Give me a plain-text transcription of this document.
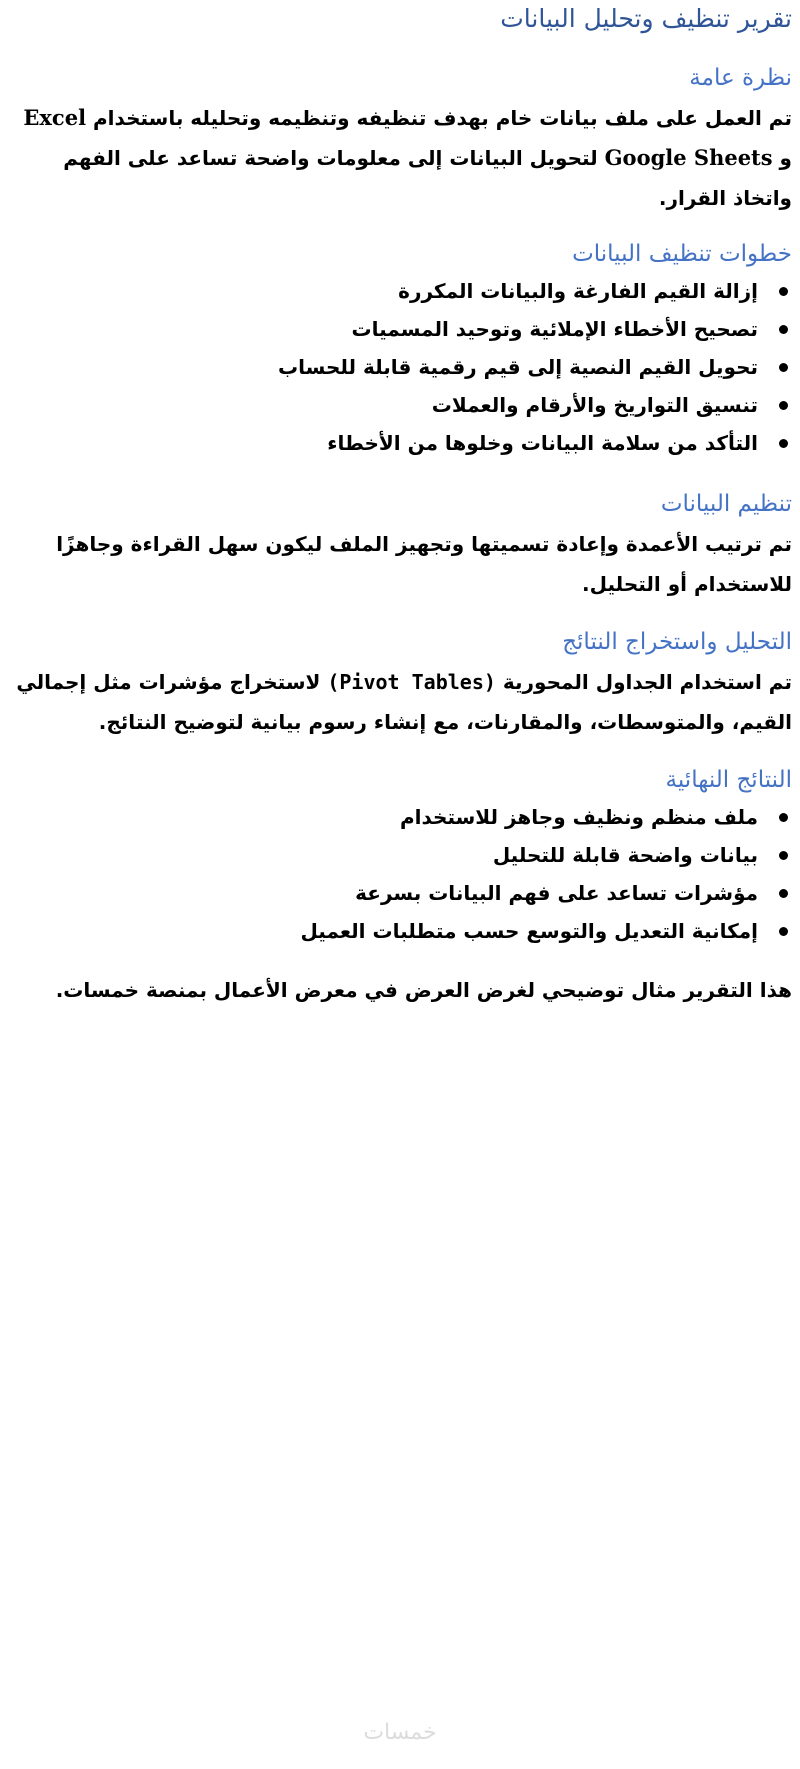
تقرير تنظيف وتحليل البيانات
نظرة عامة

تم العمل على ملف بيانات خام بهدف تنظيفه وتنظيمه وتحليله باستخدام Excel و Google Sheets لتحويل البيانات إلى معلومات واضحة تساعد على الفهم واتخاذ القرار.

خطوات تنظيف البيانات
إزالة القيم الفارغة والبيانات المكررة
تصحيح الأخطاء الإملائية وتوحيد المسميات
تحويل القيم النصية إلى قيم رقمية قابلة للحساب
تنسيق التواريخ والأرقام والعملات
التأكد من سلامة البيانات وخلوها من الأخطاء
تنظيم البيانات

تم ترتيب الأعمدة وإعادة تسميتها وتجهيز الملف ليكون سهل القراءة وجاهزًا للاستخدام أو التحليل.

التحليل واستخراج النتائج

تم استخدام الجداول المحورية (Pivot Tables) لاستخراج مؤشرات مثل إجمالي القيم، والمتوسطات، والمقارنات، مع إنشاء رسوم بيانية لتوضيح النتائج.

النتائج النهائية
ملف منظم ونظيف وجاهز للاستخدام
بيانات واضحة قابلة للتحليل
مؤشرات تساعد على فهم البيانات بسرعة
إمكانية التعديل والتوسع حسب متطلبات العميل

هذا التقرير مثال توضيحي لغرض العرض في معرض الأعمال بمنصة خمسات.

خمسات
